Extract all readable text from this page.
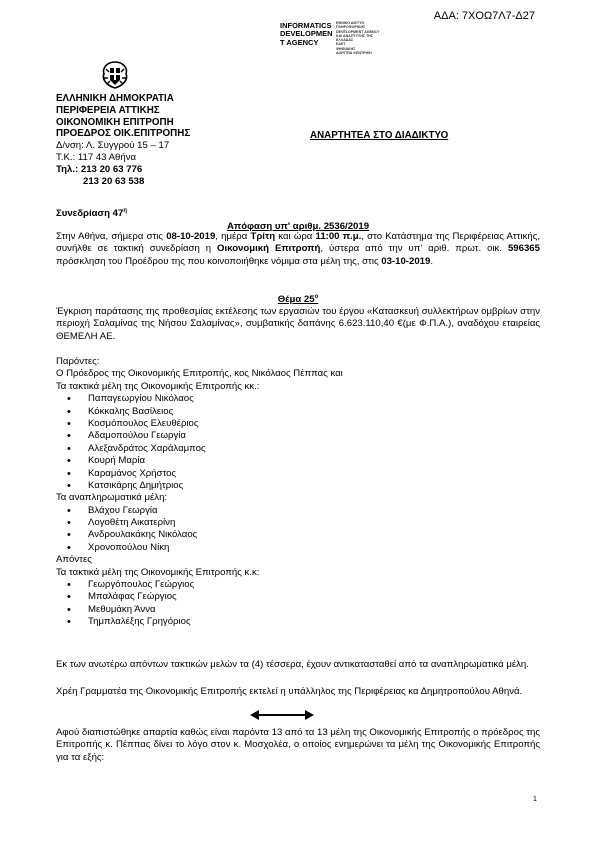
ΑΔΑ: 7ΧΟΩ7Λ7-Δ27
INFORMATICS
DEVELOPMEN
T AGENCY
ΕΘΝΙΚΟ ΔΙΚΤΥΟ
ΠΛΗΡΟΦΟΡΙΚΗΣ
DEVELOPMENT AGENCY
ΚΑΙ ΑΝΑΠΤΥΞΗΣ ΤΗΣ
ΕΛΛΑΔΑΣ
ΕΔΕΤ
ΨΗΦΙΑΚΗΣ
ΔΙΑΥΓΕΙΑ ΚΕΝΤΡΙΚΗ
ΕΛΛΗΝΙΚΗ ΔΗΜΟΚΡΑΤΙΑ
ΠΕΡΙΦΕΡΕΙΑ ΑΤΤΙΚΗΣ
ΟΙΚΟΝΟΜΙΚΗ ΕΠΙΤΡΟΠΗ
ΠΡΟΕΔΡΟΣ ΟΙΚ.ΕΠΙΤΡΟΠΗΣ
Δ/νση: Λ. Συγγρού 15 – 17
Τ.Κ.: 117 43 Αθήνα
Τηλ.: 213 20 63 776
213 20 63 538
ΑΝΑΡΤΗΤΕΑ ΣΤΟ ΔΙΑΔΙΚΤΥΟ
Συνεδρίαση $47^\eta$
Απόφαση υπ' αριθμ. 2536/2019
Στην Αθήνα, σήμερα στις 08-10-2019, ημέρα Τρίτη και ώρα 11:00 π.μ., στο Κατάστημα της Περιφέρειας Αττικής, συνήλθε σε τακτική συνεδρίαση η Οικονομική Επιτροπή, ύστερα από την υπ' αριθ. πρωτ. οικ. 596365 πρόσκληση του Προέδρου της που κοινοποιήθηκε νόμιμα στα μέλη της, στις 03-10-2019.
Θέμα $25^o$
Έγκριση παράτασης της προθεσμίας εκτέλεσης των εργασιών του έργου «Κατασκευή συλλεκτήρων ομβρίων στην περιοχή Σαλαμίνας της Νήσου Σαλαμίνας», συμβατικής δαπάνης 6.623.110,40 €(με Φ.Π.Α.), αναδόχου εταιρείας ΘΕΜΕΛΗ ΑΕ.
Παρόντες:
Ο Πρόεδρος της Οικονομικής Επιτροπής, κος Νικόλαος Πέππας και
Τα τακτικά μέλη της Οικονομικής Επιτροπής κκ.:
• Παπαγεωργίου Νικόλαος
• Κόκκαλης Βασίλειος
• Κοσμόπουλος Ελευθέριος
• Αδαμοπούλου Γεωργία
• Αλεξανδράτος Χαράλαμπος
• Κουρή Μαρία
• Καραμάνος Χρήστος
• Κατσικάρης Δημήτριος
Τα αναπληρωματικά μέλη:
• Βλάχου Γεωργία
• Λογοθέτη Αικατερίνη
• Ανδρουλακάκης Νικόλαος
• Χρονοπούλου Νίκη
Απόντες
Τα τακτικά μέλη της Οικονομικής Επιτροπής κ.κ:
• Γεωργόπουλος Γεώργιος
• Μπαλάφας Γεώργιος
• Μεθυμάκη Άννα
• Τημπλαλέξης Γρηγόριος
Εκ των ανωτέρω απόντων τακτικών μελών τα (4) τέσσερα, έχουν αντικατασταθεί από τα αναπληρωματικά μέλη.
Χρέη Γραμματέα της Οικονομικής Επιτροπής εκτελεί η υπάλληλος της Περιφέρειας κα Δημητροπούλου Αθηνά.
Αφού διαπιστώθηκε απαρτία καθώς είναι παρόντα 13 από τα 13 μέλη της Οικονομικής Επιτροπής ο πρόεδρος της Επιτροπής κ. Πέππας δίνει το λόγο στον κ. Μοσχολέα, ο οποίος ενημερώνει τα μέλη της Οικονομικής Επιτροπής για τα εξής:
1
